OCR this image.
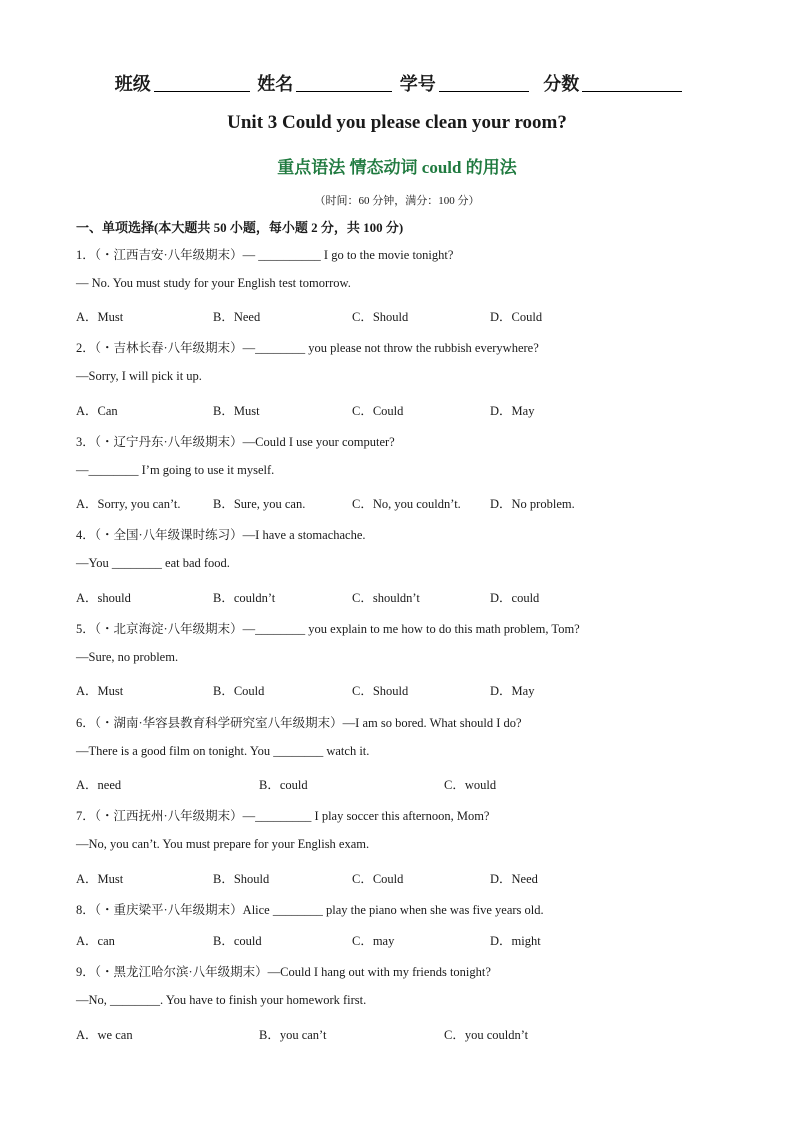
班级	姓名	学号	分数
Unit 3 Could you please clean your room?
重点语法 情态动词 could 的用法
（时间：60 分钟，满分：100 分）
一、单项选择(本大题共 50 小题，每小题 2 分，共 100 分)
1．（・江西吉安·八年级期末）— __________ I go to the movie tonight?
— No. You must study for your English test tomorrow.
A．Must	B．Need	C．Should	D．Could
2．（・吉林长春·八年级期末）—________ you please not throw the rubbish everywhere?
—Sorry, I will pick it up.
A．Can	B．Must	C．Could	D．May
3．（・辽宁丹东·八年级期末）—Could I use your computer?
—________ I’m going to use it myself.
A．Sorry, you can’t.	B．Sure, you can.	C．No, you couldn’t. D．No problem.
4．（・全国·八年级课时练习）—I have a stomachache.
—You ________ eat bad food.
A．should	B．couldn’t	C．shouldn’t	D．could
5．（・北京海淀·八年级期末）—________ you explain to me how to do this math problem, Tom?
—Sure, no problem.
A．Must	B．Could	C．Should	D．May
6．（・湖南·华容县教育科学研究室八年级期末）—I am so bored. What should I do?
—There is a good film on tonight. You ________ watch it.
A．need	B．could	C．would
7．（・江西抚州·八年级期末）—_________ I play soccer this afternoon, Mom?
—No, you can’t. You must prepare for your English exam.
A．Must	B．Should	C．Could	D．Need
8．（・重庆梁平·八年级期末）Alice ________ play the piano when she was five years old.
A．can	B．could	C．may	D．might
9．（・黑龙江哈尔滨·八年级期末）—Could I hang out with my friends tonight?
—No, ________. You have to finish your homework first.
A．we can	B．you can’t	C．you couldn’t
